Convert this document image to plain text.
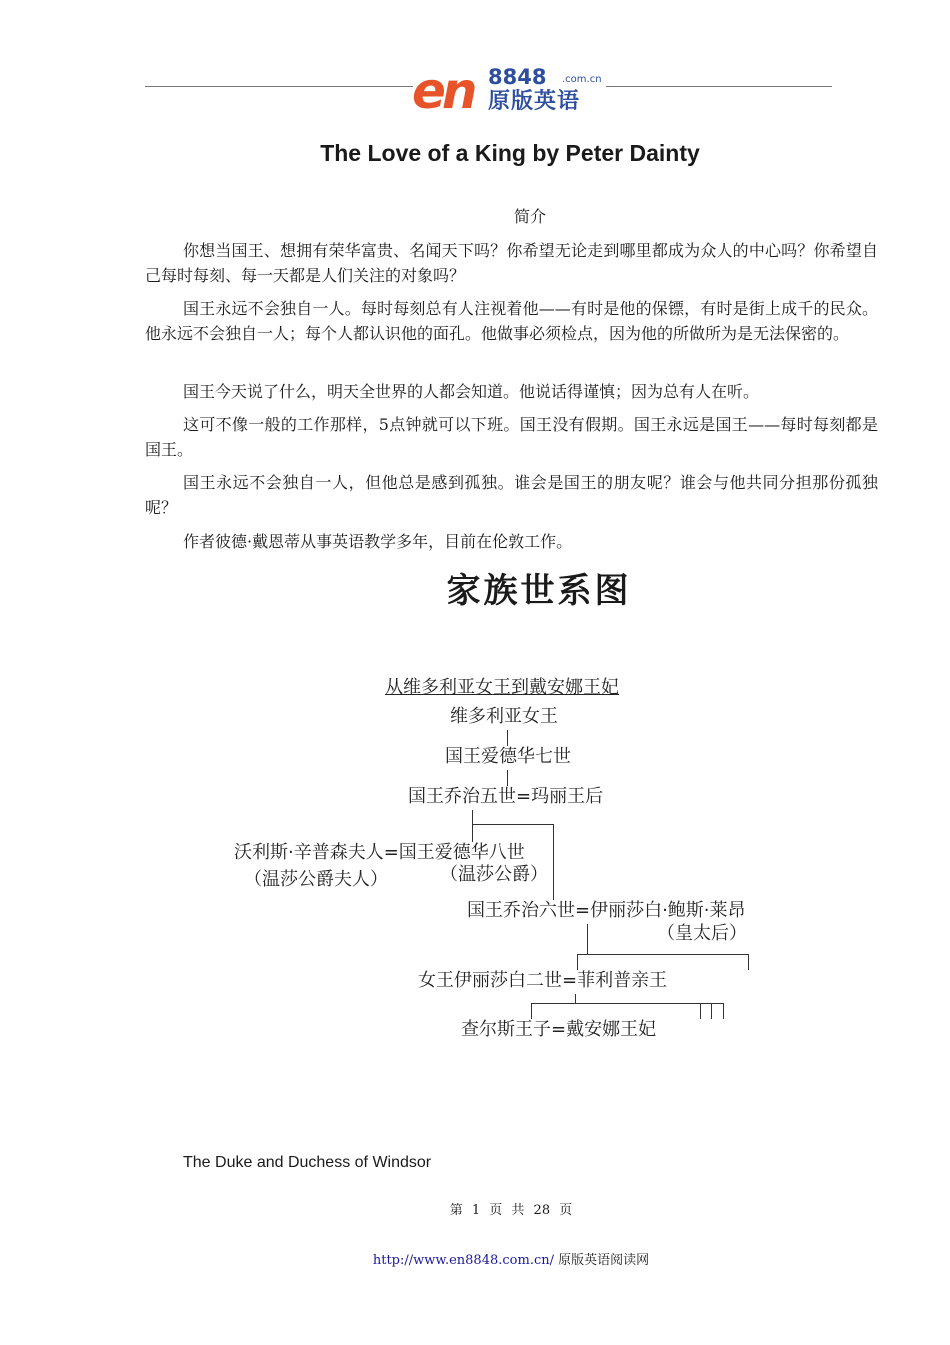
en 8848 .com.cn
原版英语
The Love of a King by Peter Dainty
简介

你想当国王、想拥有荣华富贵、名闻天下吗？你希望无论走到哪里都成为众人的中心吗？你希望自己每时每刻、每一天都是人们关注的对象吗？

国王永远不会独自一人。每时每刻总有人注视着他——有时是他的保镖，有时是街上成千的民众。他永远不会独自一人；每个人都认识他的面孔。他做事必须检点，因为他的所做所为是无法保密的。

国王今天说了什么，明天全世界的人都会知道。他说话得谨慎；因为总有人在听。

这可不像一般的工作那样，5点钟就可以下班。国王没有假期。国王永远是国王——每时每刻都是国王。

国王永远不会独自一人，但他总是感到孤独。谁会是国王的朋友呢？谁会与他共同分担那份孤独呢？

作者彼德·戴恩蒂从事英语教学多年，目前在伦敦工作。

家族世系图
从维多利亚女王到戴安娜王妃
维多利亚女王
国王爱德华七世
国王乔治五世=玛丽王后
沃利斯·辛普森夫人=国王爱德华八世
（温莎公爵夫人）	（温莎公爵）
国王乔治六世=伊丽莎白·鲍斯·莱昂
（皇太后）
女王伊丽莎白二世=菲利普亲王
查尔斯王子=戴安娜王妃
The Duke and Duchess of Windsor
第 1 页 共 28 页
http://www.en8848.com.cn/ 原版英语阅读网
